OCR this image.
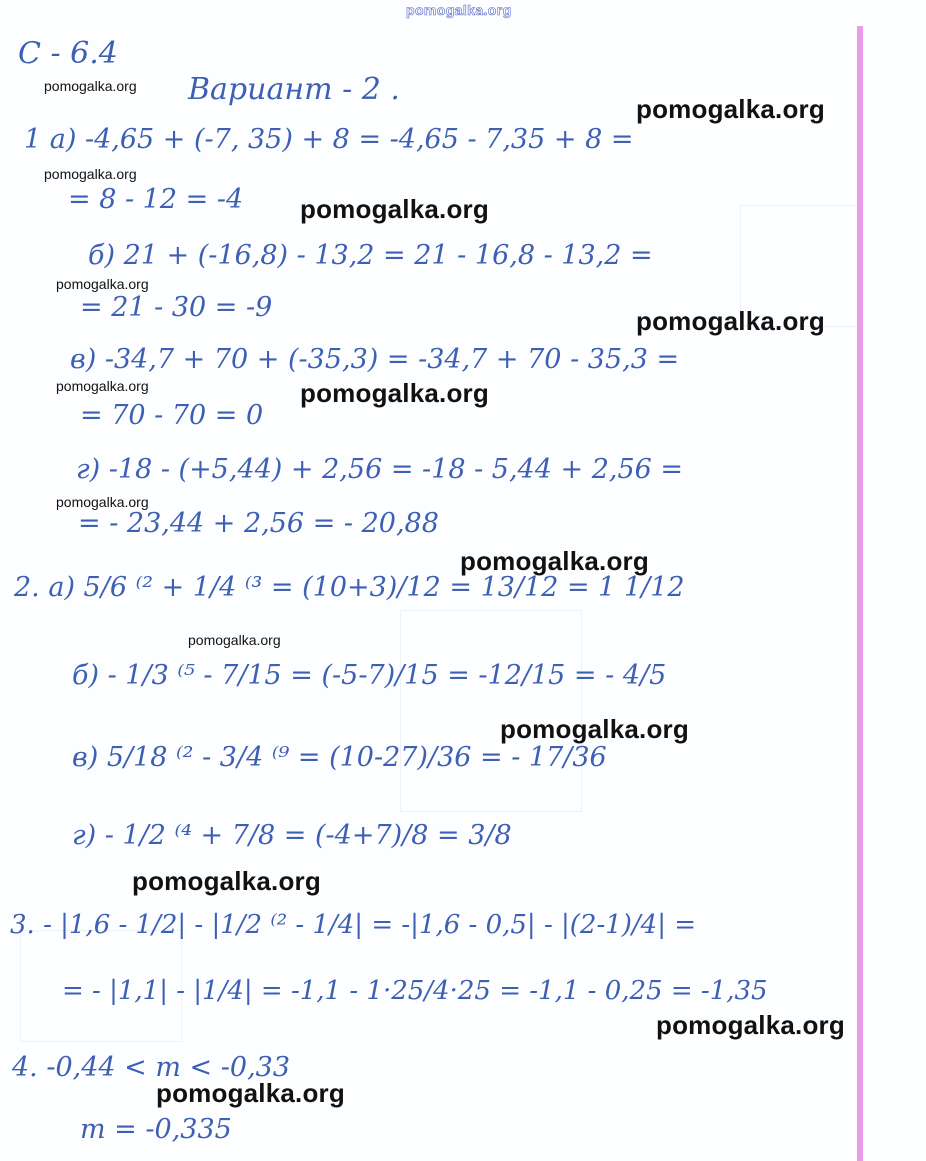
pomogalka.org
С - 6.4
Вариант - 2 .
1 а) -4,65 + (-7, 35) + 8 = -4,65 - 7,35 + 8 =
= 8 - 12 = -4
б) 21 + (-16,8) - 13,2 = 21 - 16,8 - 13,2 =
= 21 - 30 = -9
в) -34,7 + 70 + (-35,3) = -34,7 + 70 - 35,3 =
= 70 - 70 = 0
г) -18 - (+5,44) + 2,56 = -18 - 5,44 + 2,56 =
= - 23,44 + 2,56 = - 20,88
2. а) 5/6 ⁽² + 1/4 ⁽³ = (10+3)/12 = 13/12 = 1 1/12
б) - 1/3 ⁽⁵ - 7/15 = (-5-7)/15 = -12/15 = - 4/5
в) 5/18 ⁽² - 3/4 ⁽⁹ = (10-27)/36 = - 17/36
г) - 1/2 ⁽⁴ + 7/8 = (-4+7)/8 = 3/8
3. - |1,6 - 1/2| - |1/2 ⁽² - 1/4| = -|1,6 - 0,5| - |(2-1)/4| =
= - |1,1| - |1/4| = -1,1 - 1·25/4·25 = -1,1 - 0,25 = -1,35
4. -0,44 < m < -0,33
m = -0,335
pomogalka.org
pomogalka.org
pomogalka.org
pomogalka.org
pomogalka.org
pomogalka.org
pomogalka.org
pomogalka.org
pomogalka.org
pomogalka.org
pomogalka.org
pomogalka.org
pomogalka.org
pomogalka.org
pomogalka.org
